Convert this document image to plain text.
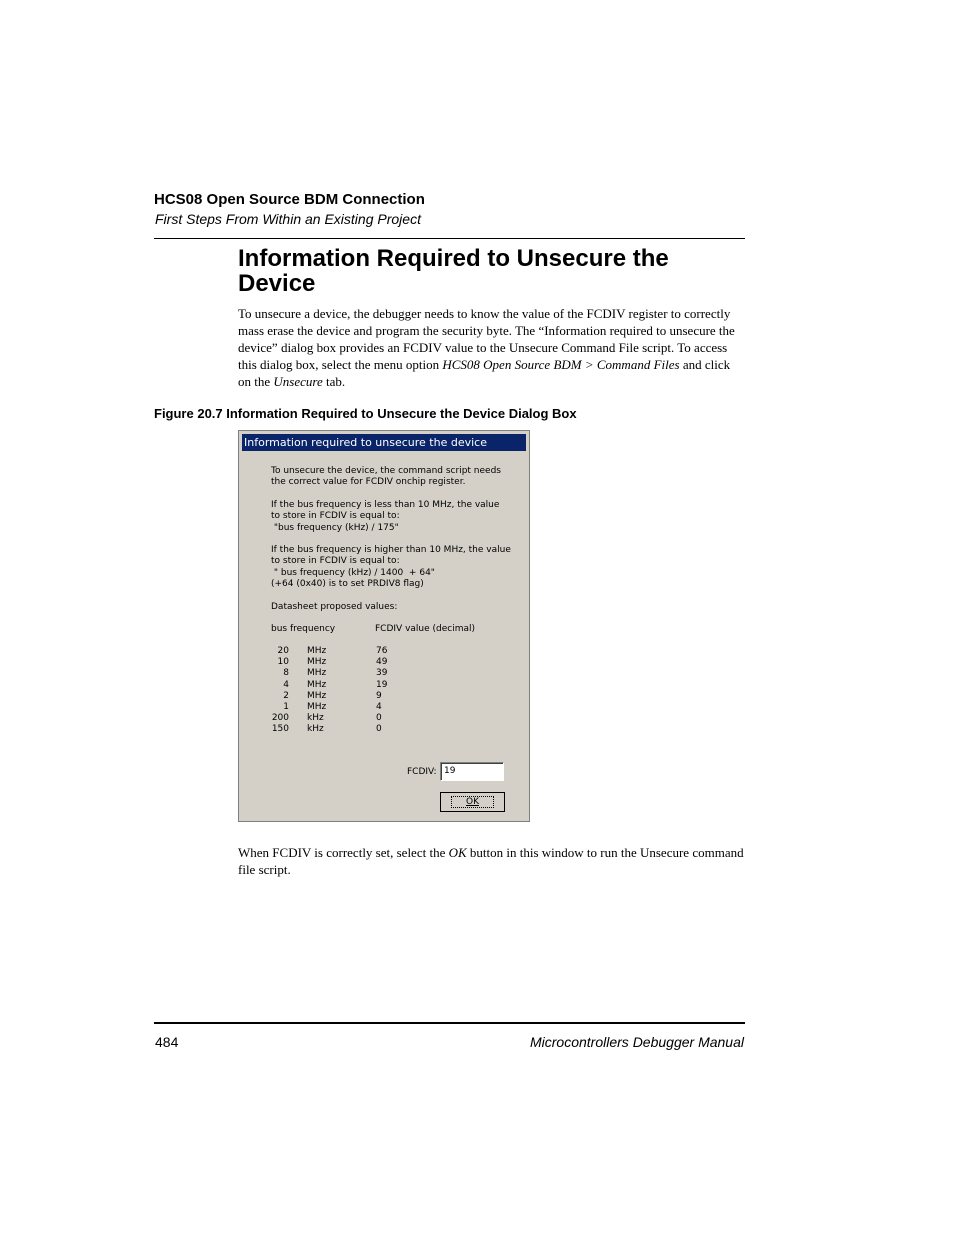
HCS08 Open Source BDM Connection
First Steps From Within an Existing Project
Information Required to Unsecure the Device
To unsecure a device, the debugger needs to know the value of the FCDIV register to correctly mass erase the device and program the security byte. The “Information required to unsecure the device” dialog box provides an FCDIV value to the Unsecure Command File script. To access this dialog box, select the menu option HCS08 Open Source BDM > Command Files and click on the Unsecure tab.
Figure 20.7 Information Required to Unsecure the Device Dialog Box
Information required to unsecure the device
To unsecure the device, the command script needs
the correct value for FCDIV onchip register.
If the bus frequency is less than 10 MHz, the value
to store in FCDIV is equal to:
"bus frequency (kHz) / 175"
If the bus frequency is higher than 10 MHz, the value
to store in FCDIV is equal to:
" bus frequency (kHz) / 1400  + 64"
(+64 (0x40) is to set PRDIV8 flag)
Datasheet proposed values:
bus frequency	FCDIV value (decimal)
20 MHz	76
10 MHz	49
8 MHz	39
4 MHz	19
2 MHz	9
1 MHz	4
200 kHz	0
150 kHz	0
FCDIV: 19
OK
When FCDIV is correctly set, select the OK button in this window to run the Unsecure command file script.
484	Microcontrollers Debugger Manual
